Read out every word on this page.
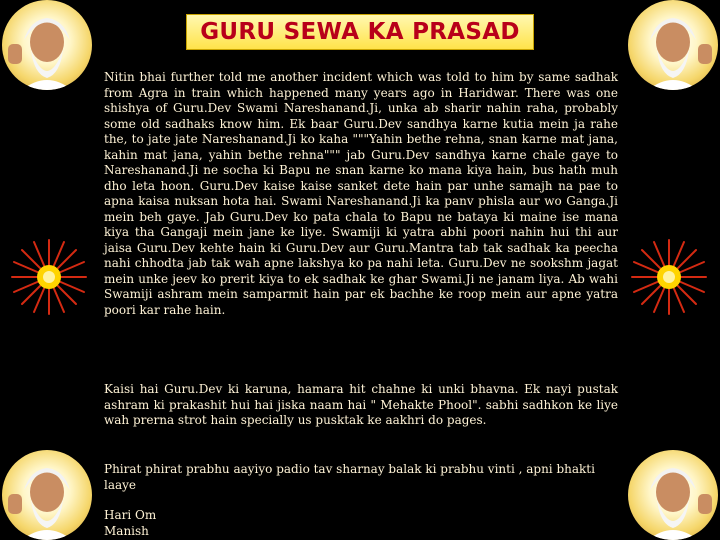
GURU SEWA KA PRASAD

Nitin bhai further told me another incident which was told to him by same sadhak from Agra in train which happened many years ago in Haridwar. There was one shishya of Guru.Dev Swami Nareshanand.Ji, unka ab sharir nahin raha, probably some old sadhaks know him. Ek baar Guru.Dev sandhya karne kutia mein ja rahe the, to jate jate Nareshanand.Ji ko kaha """Yahin bethe rehna, snan karne mat jana, kahin mat jana, yahin bethe rehna""" jab Guru.Dev sandhya karne chale gaye to Nareshanand.Ji ne socha ki Bapu ne snan karne ko mana kiya hain, bus hath muh dho leta hoon. Guru.Dev kaise kaise sanket dete hain par unhe samajh na pae to apna kaisa nuksan hota hai. Swami Nareshanand.Ji ka panv phisla aur wo Ganga.Ji mein beh gaye. Jab Guru.Dev ko pata chala to Bapu ne bataya ki maine ise mana kiya tha Gangaji mein jane ke liye. Swamiji ki yatra abhi poori nahin hui thi aur jaisa Guru.Dev kehte hain ki Guru.Dev aur Guru.Mantra tab tak sadhak ka peecha nahi chhodta jab tak wah apne lakshya ko pa nahi leta. Guru.Dev ne sookshm jagat mein unke jeev ko prerit kiya to ek sadhak ke ghar Swami.Ji ne janam liya. Ab wahi Swamiji ashram mein samparmit hain par ek bachhe ke roop mein aur apne yatra poori kar rahe hain.

Kaisi hai Guru.Dev ki karuna, hamara hit chahne ki unki bhavna. Ek nayi pustak ashram ki prakashit hui hai jiska naam hai " Mehakte Phool". sabhi sadhkon ke liye wah prerna strot hain specially us pusktak ke aakhri do pages.

Phirat phirat prabhu aayiyo padio tav sharnay balak ki prabhu vinti , apni bhakti laaye

Hari Om
Manish
